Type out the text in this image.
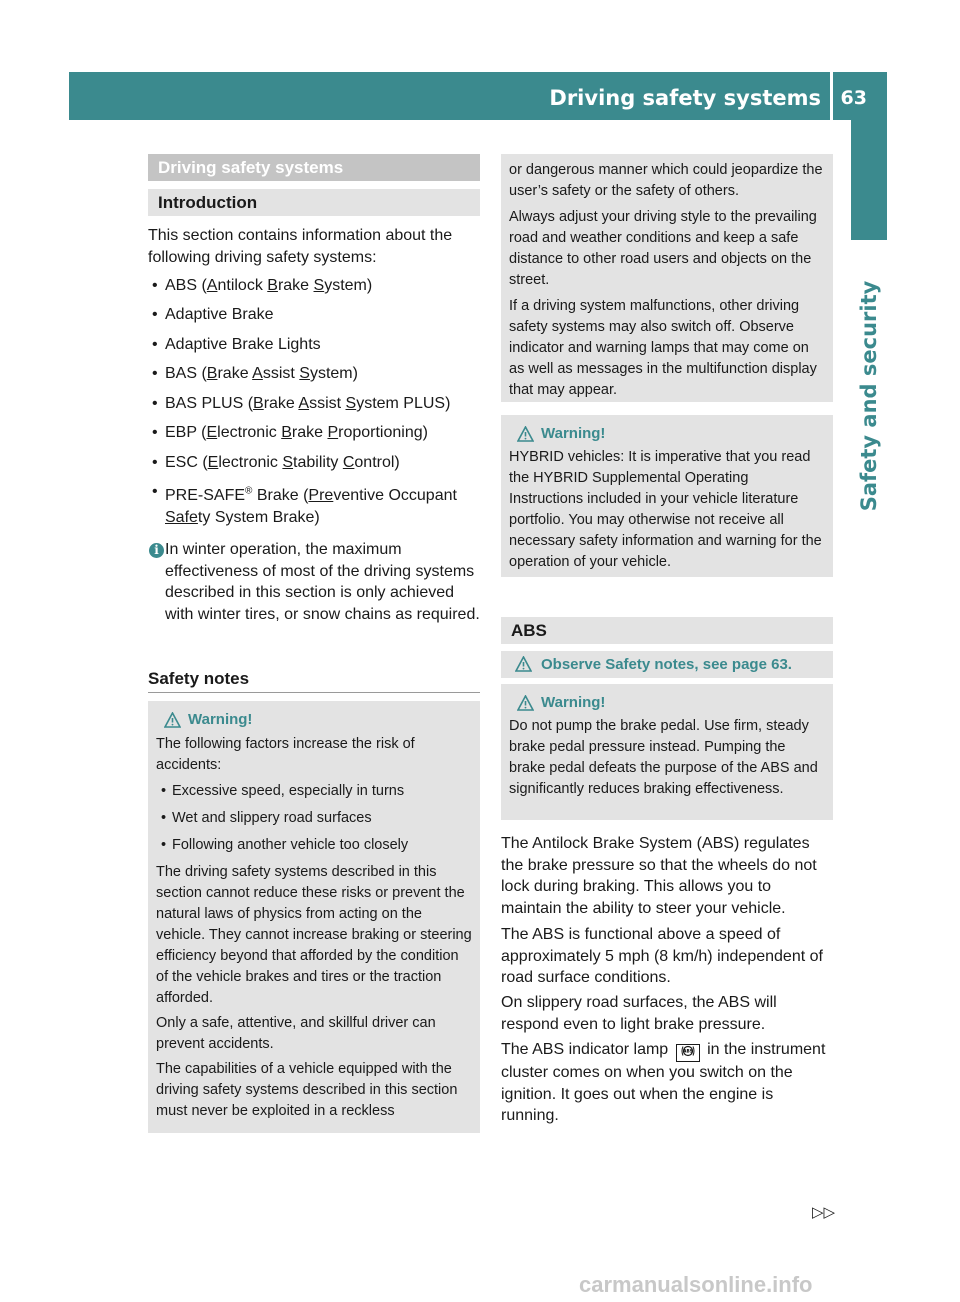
Driving safety systems 63
Safety and security
Driving safety systems
Introduction
This section contains information about the following driving safety systems:
• ABS (Antilock Brake System)
• Adaptive Brake
• Adaptive Brake Lights
• BAS (Brake Assist System)
• BAS PLUS (Brake Assist System PLUS)
• EBP (Electronic Brake Proportioning)
• ESC (Electronic Stability Control)
• PRE-SAFE® Brake (Preventive Occupant
Safety System Brake)
i In winter operation, the maximum effectiveness of most of the driving systems described in this section is only achieved with winter tires, or snow chains as required.
Safety notes
Warning!

The following factors increase the risk of accidents:

• Excessive speed, especially in turns
• Wet and slippery road surfaces
• Following another vehicle too closely

The driving safety systems described in this section cannot reduce these risks or prevent the natural laws of physics from acting on the vehicle. They cannot increase braking or steering efficiency beyond that afforded by the condition of the vehicle brakes and tires or the traction afforded.

Only a safe, attentive, and skillful driver can prevent accidents.

The capabilities of a vehicle equipped with the driving safety systems described in this section must never be exploited in a reckless

or dangerous manner which could jeopardize the user’s safety or the safety of others.

Always adjust your driving style to the prevailing road and weather conditions and keep a safe distance to other road users and objects on the street.

If a driving system malfunctions, other driving safety systems may also switch off. Observe indicator and warning lamps that may come on as well as messages in the multifunction display that may appear.

Warning!

HYBRID vehicles: It is imperative that you read the HYBRID Supplemental Operating Instructions included in your vehicle literature portfolio. You may otherwise not receive all necessary safety information and warning for the operation of your vehicle.

ABS
Observe Safety notes, see page 63.
Warning!

Do not pump the brake pedal. Use firm, steady brake pedal pressure instead. Pumping the brake pedal defeats the purpose of the ABS and significantly reduces braking effectiveness.

The Antilock Brake System (ABS) regulates the brake pressure so that the wheels do not lock during braking. This allows you to maintain the ability to steer your vehicle.
The ABS is functional above a speed of approximately 5 mph (8 km/h) independent of road surface conditions.
On slippery road surfaces, the ABS will respond even to light brake pressure.
The ABS indicator lamp	ABS in the instrument cluster comes on when you switch on the ignition. It goes out when the engine is running.
▷▷
carmanualsonline.info
